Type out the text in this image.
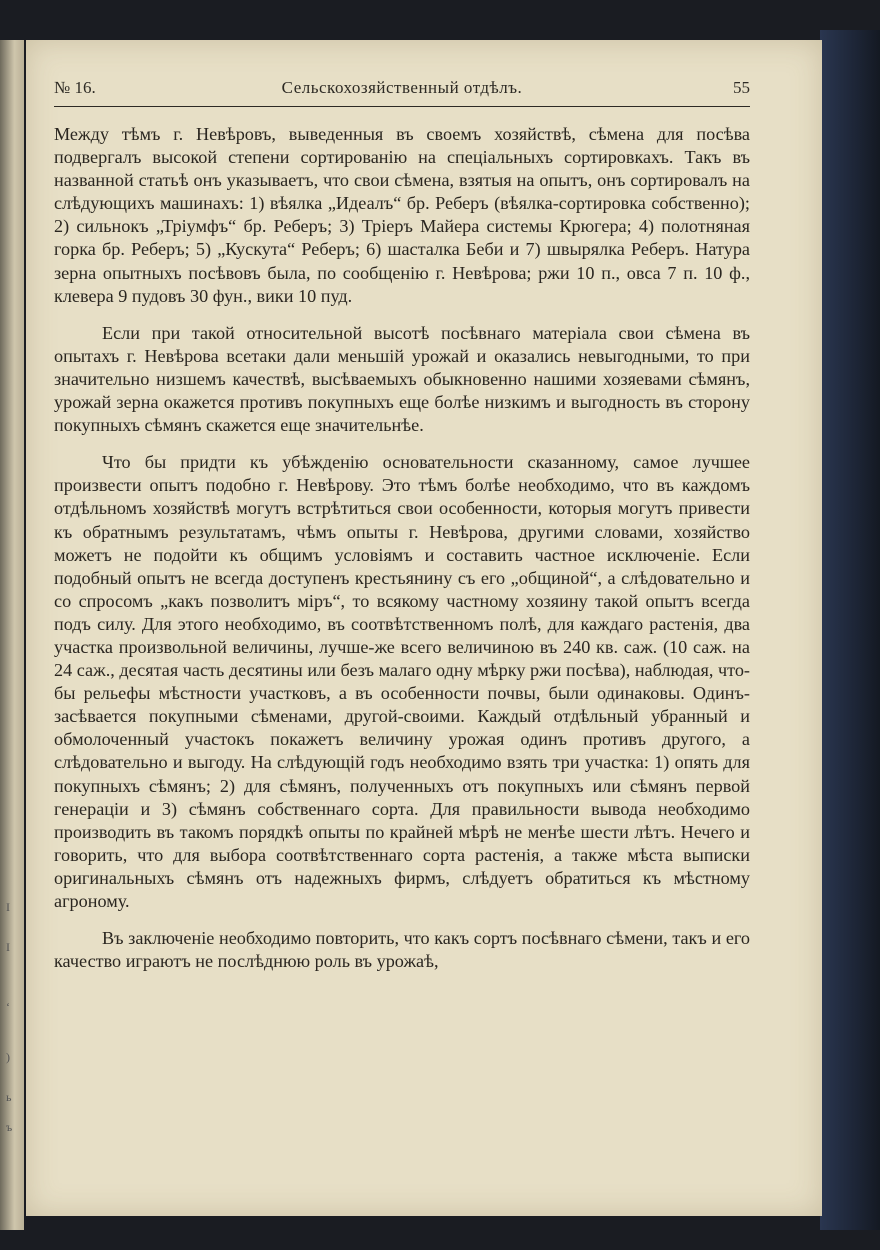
I
I
‘
)
ь
ъ
№ 16.	Сельскохозяйственный отдѣлъ.	55

Между тѣмъ г. Невѣровъ, выведенныя въ своемъ хозяйствѣ, сѣмена для посѣва подвергалъ высокой степени сортированію на спеціальныхъ сортировкахъ. Такъ въ названной статьѣ онъ указываетъ, что свои сѣмена, взятыя на опытъ, онъ сортировалъ на слѣдующихъ машинахъ: 1) вѣялка „Идеалъ“ бр. Реберъ (вѣялка-сортировка собственно); 2) сильнокъ „Тріумфъ“ бр. Реберъ; 3) Тріеръ Майера системы Крюгера; 4) полотняная горка бр. Реберъ; 5) „Кускута“ Реберъ; 6) шасталка Беби и 7) швырялка Реберъ. Натура зерна опытныхъ посѣвовъ была, по сообщенію г. Невѣрова; ржи 10 п., овса 7 п. 10 ф., клевера 9 пудовъ 30 фун., вики 10 пуд.

Если при такой относительной высотѣ посѣвнаго матеріала свои сѣмена въ опытахъ г. Невѣрова всетаки дали меньшій урожай и оказались невыгодными, то при значительно низшемъ качествѣ, высѣваемыхъ обыкновенно нашими хозяевами сѣмянъ, урожай зерна окажется противъ покупныхъ еще болѣе низкимъ и выгодность въ сторону покупныхъ сѣмянъ скажется еще значительнѣе.

Что бы придти къ убѣжденію основательности сказанному, самое лучшее произвести опытъ подобно г. Невѣрову. Это тѣмъ болѣе необходимо, что въ каждомъ отдѣльномъ хозяйствѣ могутъ встрѣтиться свои особенности, которыя могутъ привести къ обратнымъ результатамъ, чѣмъ опыты г. Невѣрова, другими словами, хозяйство можетъ не подойти къ общимъ условіямъ и составить частное исключеніе. Если подобный опытъ не всегда доступенъ крестьянину съ его „общиной“, а слѣдовательно и со спросомъ „какъ позволитъ міръ“, то всякому частному хозяину такой опытъ всегда подъ силу. Для этого необходимо, въ соотвѣтственномъ полѣ, для каждаго растенія, два участка произвольной величины, лучше-же всего величиною въ 240 кв. саж. (10 саж. на 24 саж., десятая часть десятины или безъ малаго одну мѣрку ржи посѣва), наблюдая, что-бы рельефы мѣстности участковъ, а въ особенности почвы, были одинаковы. Одинъ-засѣвается покупными сѣменами, другой-своими. Каждый отдѣльный убранный и обмолоченный участокъ покажетъ величину урожая одинъ противъ другого, а слѣдовательно и выгоду. На слѣдующій годъ необходимо взять три участка: 1) опять для покупныхъ сѣмянъ; 2) для сѣмянъ, полученныхъ отъ покупныхъ или сѣмянъ первой генераціи и 3) сѣмянъ собственнаго сорта. Для правильности вывода необходимо производить въ такомъ порядкѣ опыты по крайней мѣрѣ не менѣе шести лѣтъ. Нечего и говорить, что для выбора соотвѣтственнаго сорта растенія, а также мѣста выписки оригинальныхъ сѣмянъ отъ надежныхъ фирмъ, слѣдуетъ обратиться къ мѣстному агроному.

Въ заключеніе необходимо повторить, что какъ сортъ посѣвнаго сѣмени, такъ и его качество играютъ не послѣднюю роль въ урожаѣ,
